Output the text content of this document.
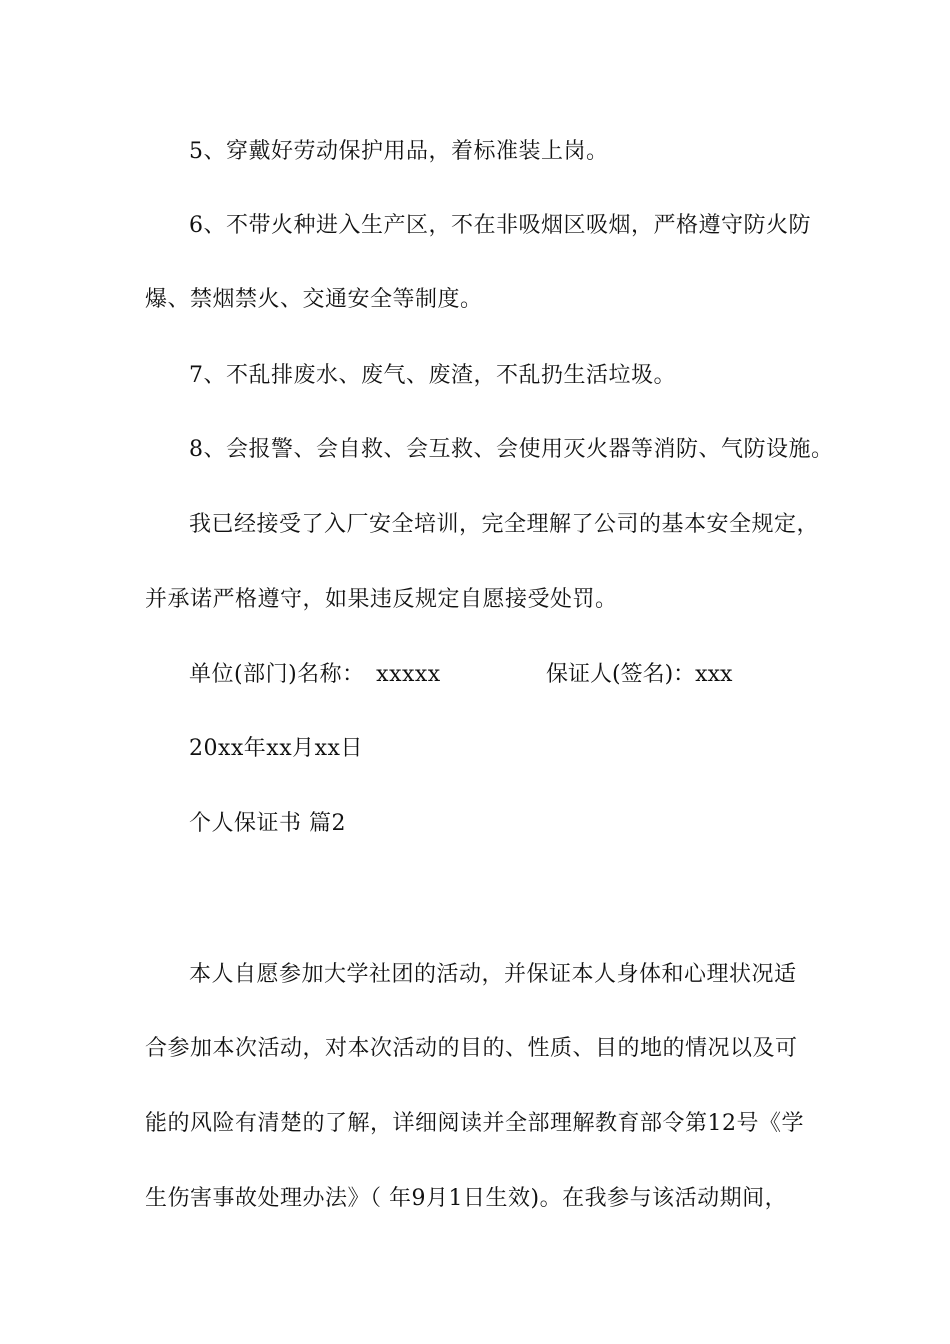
5、穿戴好劳动保护用品，着标准装上岗。
6、不带火种进入生产区，不在非吸烟区吸烟，严格遵守防火防
爆、禁烟禁火、交通安全等制度。
7、不乱排废水、废气、废渣，不乱扔生活垃圾。
8、会报警、会自救、会互救、会使用灭火器等消防、气防设施。
我已经接受了入厂安全培训，完全理解了公司的基本安全规定，
并承诺严格遵守，如果违反规定自愿接受处罚。
单位(部门)名称：　xxxxx	保证人(签名)：xxx
20xx年xx月xx日
个人保证书 篇2
本人自愿参加大学社团的活动，并保证本人身体和心理状况适
合参加本次活动，对本次活动的目的、性质、目的地的情况以及可
能的风险有清楚的了解，详细阅读并全部理解教育部令第12号《学
生伤害事故处理办法》（ 年9月1日生效)。在我参与该活动期间，
